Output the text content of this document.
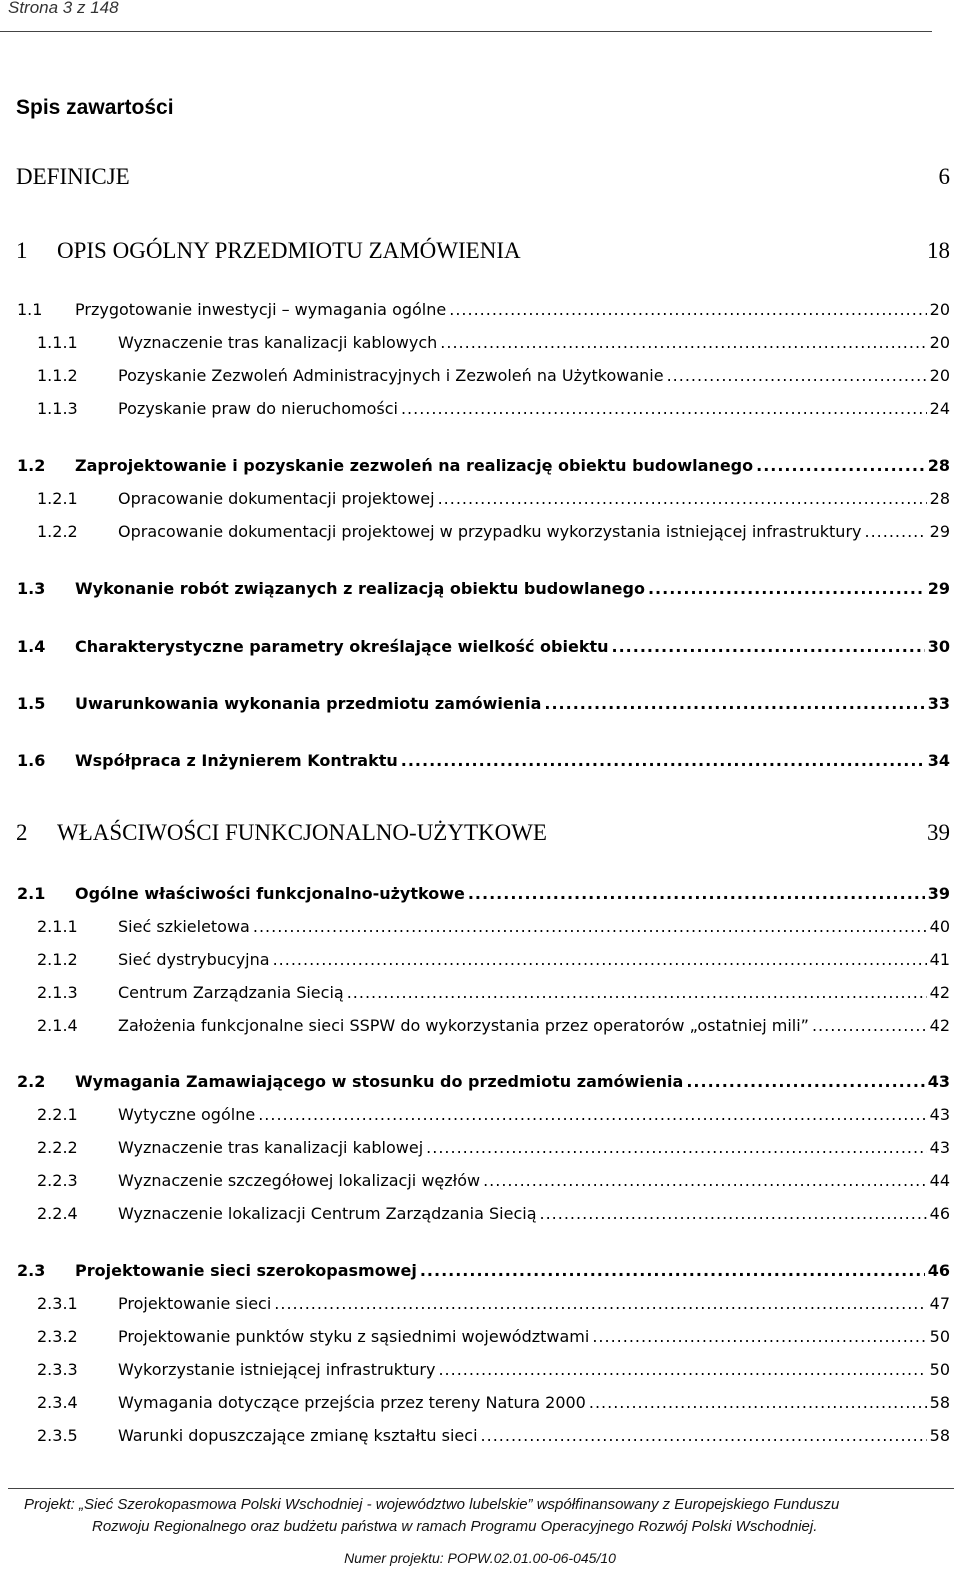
Strona 3 z 148
Spis zawartości
DEFINICJE	6
1 OPIS OGÓLNY PRZEDMIOTU ZAMÓWIENIA	18
1.1 Przygotowanie inwestycji – wymagania ogólne .....	20
1.1.1	Wyznaczenie tras kanalizacji kablowych .....	20
1.1.2	Pozyskanie Zezwoleń Administracyjnych i Zezwoleń na Użytkowanie .....	20
1.1.3	Pozyskanie praw do nieruchomości .....	24
1.2 Zaprojektowanie i pozyskanie zezwoleń na realizację obiektu budowlanego .....	28
1.2.1	Opracowanie dokumentacji projektowej .....	28
1.2.2	Opracowanie dokumentacji projektowej w przypadku wykorzystania istniejącej infrastruktury .....	29
1.3 Wykonanie robót związanych z realizacją obiektu budowlanego .....	29
1.4 Charakterystyczne parametry określające wielkość obiektu .....	30
1.5 Uwarunkowania wykonania przedmiotu zamówienia .....	33
1.6 Współpraca z Inżynierem Kontraktu .....	34
2 WŁAŚCIWOŚCI FUNKCJONALNO-UŻYTKOWE	39
2.1 Ogólne właściwości funkcjonalno-użytkowe .....	39
2.1.1	Sieć szkieletowa .....	40
2.1.2	Sieć dystrybucyjna .....	41
2.1.3	Centrum Zarządzania Siecią .....	42
2.1.4	Założenia funkcjonalne sieci SSPW do wykorzystania przez operatorów „ostatniej mili” .....	42
2.2 Wymagania Zamawiającego w stosunku do przedmiotu zamówienia .....	43
2.2.1	Wytyczne ogólne .....	43
2.2.2	Wyznaczenie tras kanalizacji kablowej .....	43
2.2.3	Wyznaczenie szczegółowej lokalizacji węzłów .....	44
2.2.4	Wyznaczenie lokalizacji Centrum Zarządzania Siecią .....	46
2.3 Projektowanie sieci szerokopasmowej .....	46
2.3.1	Projektowanie sieci .....	47
2.3.2	Projektowanie punktów styku z sąsiednimi województwami .....	50
2.3.3	Wykorzystanie istniejącej infrastruktury .....	50
2.3.4	Wymagania dotyczące przejścia przez tereny Natura 2000 .....	58
2.3.5	Warunki dopuszczające zmianę kształtu sieci .....	58
Projekt: „Sieć Szerokopasmowa Polski Wschodniej - województwo lubelskie” współfinansowany z Europejskiego Funduszu
Rozwoju Regionalnego oraz budżetu państwa w ramach Programu Operacyjnego Rozwój Polski Wschodniej.
Numer projektu: POPW.02.01.00-06-045/10
